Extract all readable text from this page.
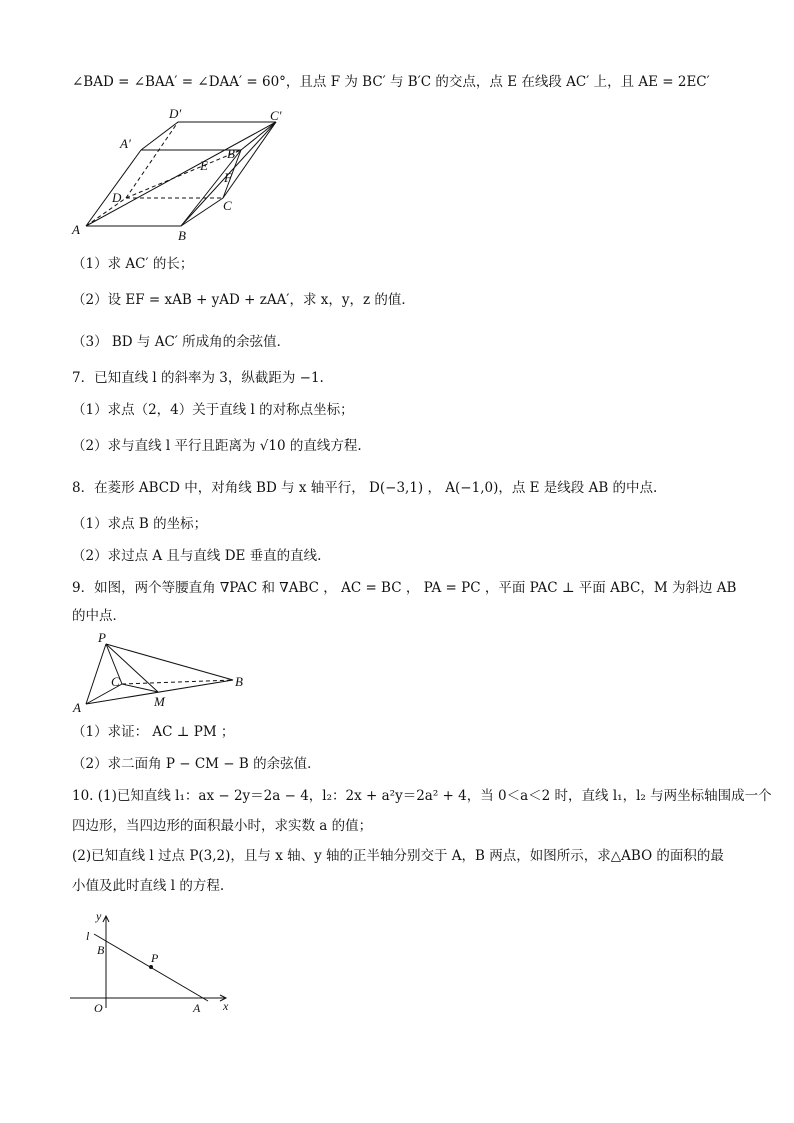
∠BAD = ∠BAA′ = ∠DAA′ = 60°，且点 F 为 BC′ 与 B′C 的交点，点 E 在线段 AC′ 上，且 AE = 2EC′
A	B
C
D
A′
B′
C′
D′
E
F
（1）求 AC′ 的长；
（2）设 EF = xAB + yAD + zAA′，求 x，y，z 的值．
（3） BD 与 AC′ 所成角的余弦值．
7．已知直线 l 的斜率为 3，纵截距为 −1.
（1）求点（2，4）关于直线 l 的对称点坐标；
（2）求与直线 l 平行且距离为 √10 的直线方程.
8．在菱形 ABCD 中，对角线 BD 与 x 轴平行， D(−3,1) ， A(−1,0)，点 E 是线段 AB 的中点.
（1）求点 B 的坐标；
（2）求过点 A 且与直线 DE 垂直的直线.
9．如图，两个等腰直角 ∇PAC 和 ∇ABC ， AC = BC ， PA = PC ，平面 PAC ⊥ 平面 ABC，M 为斜边 AB
的中点．
P
A
B
C
M
（1）求证： AC ⊥ PM ；
（2）求二面角 P − CM − B 的余弦值．
10. (1)已知直线 l₁：ax − 2y＝2a − 4，l₂：2x + a²y＝2a² + 4，当 0＜a＜2 时，直线 l₁，l₂ 与两坐标轴围成一个
四边形，当四边形的面积最小时，求实数 a 的值；
(2)已知直线 l 过点 P(3,2)，且与 x 轴、y 轴的正半轴分别交于 A，B 两点，如图所示，求△ABO 的面积的最
小值及此时直线 l 的方程.
y
x
l
B
P
O	A
